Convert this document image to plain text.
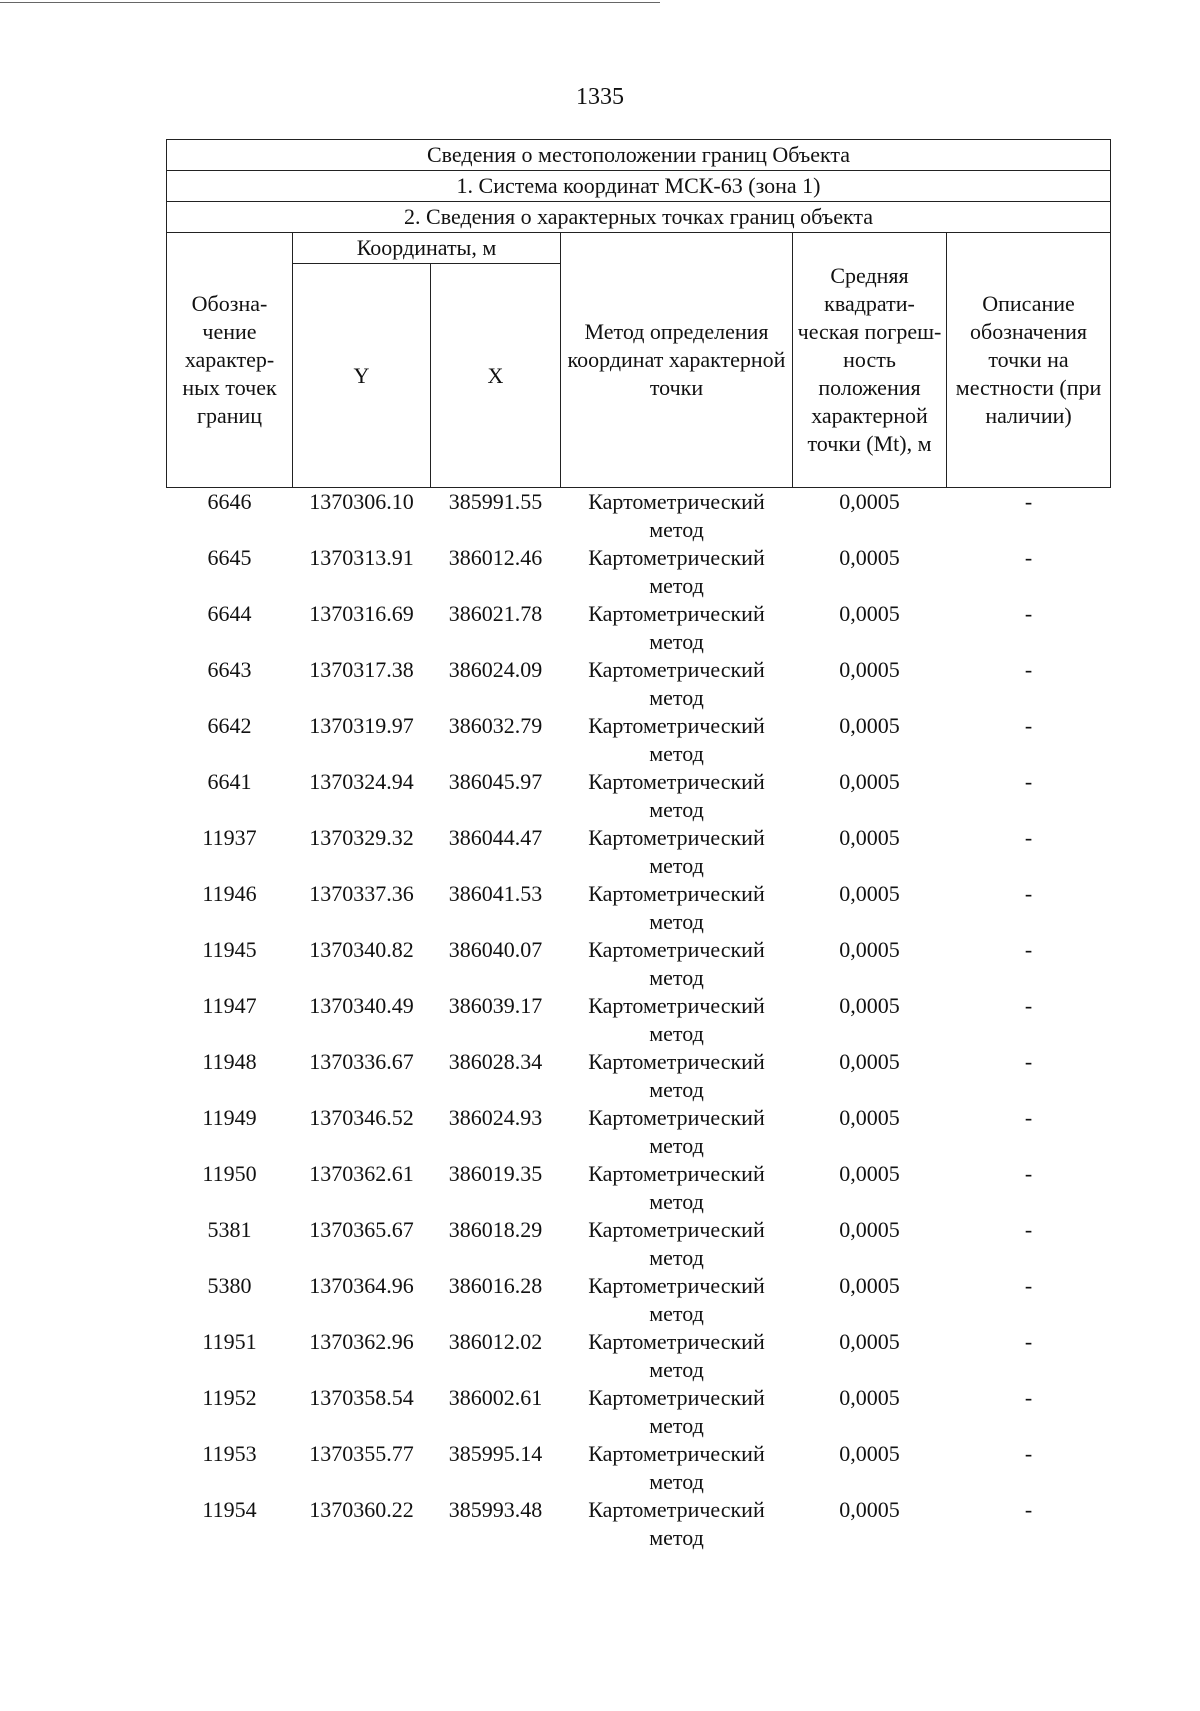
1335
Сведения о местоположении границ Объекта					
1. Система координат МСК-63 (зона 1)					
2. Сведения о характерных точках границ объекта					
Обозна- чение характер- ных точек границ	Координаты, м		Метод определения координат характерной точки	Средняя квадрати- ческая погреш- ность положения характерной точки (Mt), м	Описание обозначения точки на местности (при наличии)
	Y	X			
6646	1370306.10	385991.55	Картометрический метод	0,0005	-
6645	1370313.91	386012.46	Картометрический метод	0,0005	-
6644	1370316.69	386021.78	Картометрический метод	0,0005	-
6643	1370317.38	386024.09	Картометрический метод	0,0005	-
6642	1370319.97	386032.79	Картометрический метод	0,0005	-
6641	1370324.94	386045.97	Картометрический метод	0,0005	-
11937	1370329.32	386044.47	Картометрический метод	0,0005	-
11946	1370337.36	386041.53	Картометрический метод	0,0005	-
11945	1370340.82	386040.07	Картометрический метод	0,0005	-
11947	1370340.49	386039.17	Картометрический метод	0,0005	-
11948	1370336.67	386028.34	Картометрический метод	0,0005	-
11949	1370346.52	386024.93	Картометрический метод	0,0005	-
11950	1370362.61	386019.35	Картометрический метод	0,0005	-
5381	1370365.67	386018.29	Картометрический метод	0,0005	-
5380	1370364.96	386016.28	Картометрический метод	0,0005	-
11951	1370362.96	386012.02	Картометрический метод	0,0005	-
11952	1370358.54	386002.61	Картометрический метод	0,0005	-
11953	1370355.77	385995.14	Картометрический метод	0,0005	-
11954	1370360.22	385993.48	Картометрический метод	0,0005	-
